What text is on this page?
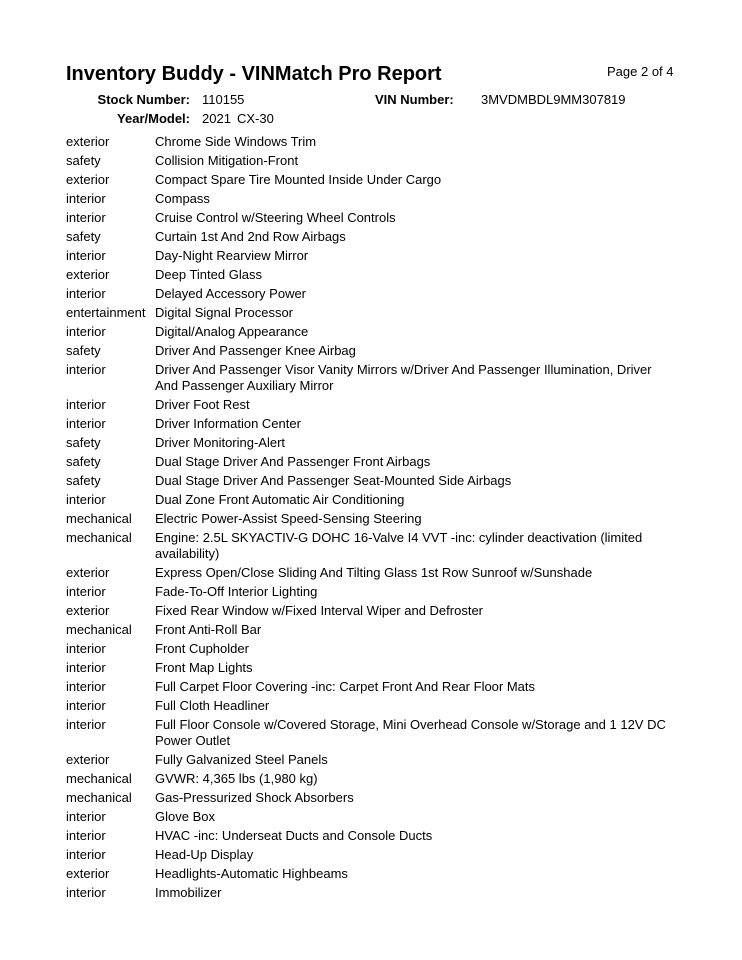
Inventory Buddy - VINMatch Pro Report	Page 2 of 4
Stock Number: 110155	VIN Number: 3MVDMBDL9MM307819
Year/Model: 2021 CX-30
exterior	Chrome Side Windows Trim
safety	Collision Mitigation-Front
exterior	Compact Spare Tire Mounted Inside Under Cargo
interior	Compass
interior	Cruise Control w/Steering Wheel Controls
safety	Curtain 1st And 2nd Row Airbags
interior	Day-Night Rearview Mirror
exterior	Deep Tinted Glass
interior	Delayed Accessory Power
entertainment Digital Signal Processor
interior	Digital/Analog Appearance
safety	Driver And Passenger Knee Airbag
interior	Driver And Passenger Visor Vanity Mirrors w/Driver And Passenger Illumination, Driver And Passenger Auxiliary Mirror
interior	Driver Foot Rest
interior	Driver Information Center
safety	Driver Monitoring-Alert
safety	Dual Stage Driver And Passenger Front Airbags
safety	Dual Stage Driver And Passenger Seat-Mounted Side Airbags
interior	Dual Zone Front Automatic Air Conditioning
mechanical	Electric Power-Assist Speed-Sensing Steering
mechanical	Engine: 2.5L SKYACTIV-G DOHC 16-Valve I4 VVT -inc: cylinder deactivation (limited availability)
exterior	Express Open/Close Sliding And Tilting Glass 1st Row Sunroof w/Sunshade
interior	Fade-To-Off Interior Lighting
exterior	Fixed Rear Window w/Fixed Interval Wiper and Defroster
mechanical	Front Anti-Roll Bar
interior	Front Cupholder
interior	Front Map Lights
interior	Full Carpet Floor Covering -inc: Carpet Front And Rear Floor Mats
interior	Full Cloth Headliner
interior	Full Floor Console w/Covered Storage, Mini Overhead Console w/Storage and 1 12V DC Power Outlet
exterior	Fully Galvanized Steel Panels
mechanical	GVWR: 4,365 lbs (1,980 kg)
mechanical	Gas-Pressurized Shock Absorbers
interior	Glove Box
interior	HVAC -inc: Underseat Ducts and Console Ducts
interior	Head-Up Display
exterior	Headlights-Automatic Highbeams
interior	Immobilizer
